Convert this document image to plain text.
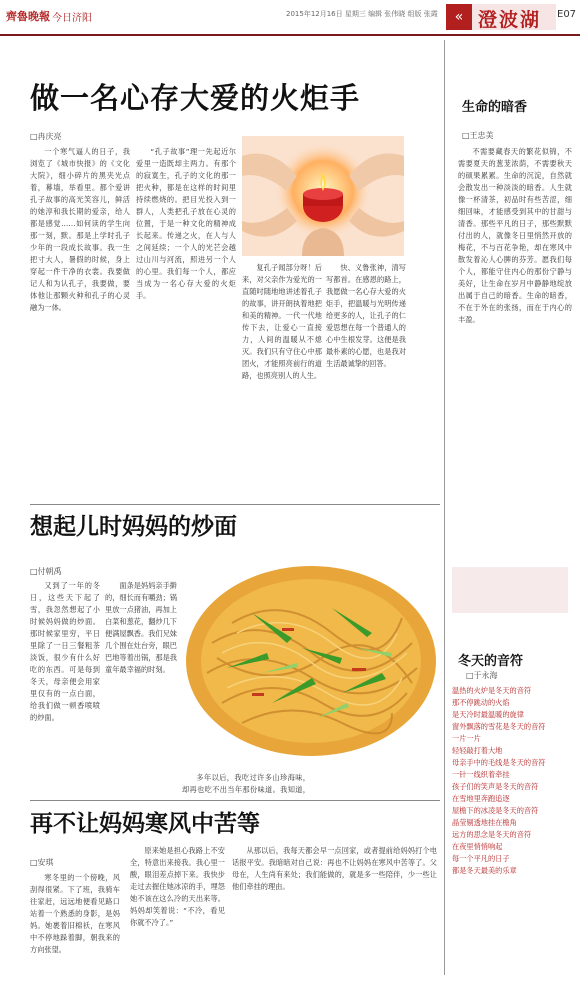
齊魯晚報 今日济阳	2015年12月16日 星期三 编辑 张伟晓 组版 张霞	« 澄波湖 E07
做一名心存大爱的火炬手
□冉庆亮

一个寒气逼人的日子，我浏览了《城市快报》的《文化大院》，细小碎片的黑夹光点着，幕墙，举看里。都个爱讲孔子故事的高光笑容儿，鲜活的她淳和我长期的爱亲，给人都是感觉……如何读的学生向那一刻，默。那是上学时孔子少年的一段成长故事。我一生把寸大人，暑假的时候，身上穿起一件干净的衣裳。我要做记人和为认孔子，我要做，要体他让那颗火种和孔子的心灵融为一体。

“孔子故事”理一先起近尔爱里一造既却主两力。有那个的寂寞生，孔子的文化的那一把火种，都是在这样的时间里持续燃烧的。把目光投入到一群人，人类把孔子放在心灵的位置，于是一种文化的精神成长起来。传递之火，在人与人之间延续；一个人的光芒会越过山川与河流，照进另一个人的心里。我们每一个人，都应当成为一名心存大爱的火炬手。

复孔子闻部分呀！后来，对父亲作为爱光的一直随吋随地地讲述着孔子的故事，讲开朗执着地把和美的精神。一代一代地传下去，让爱心一直接力，人间的温暖从不熄灭。我们只有守住心中那团火，才能照亮前行的道路，也照亮别人的人生。

快、义鲁张神，清写写都首。在感恩的路上，我愿做一名心存大爱的火炬手，把温暖与光明传递给更多的人，让孔子的仁爱思想在每一个普通人的心中生根发芽。这便是我最朴素的心愿，也是我对生活最诚挚的回答。

想起儿时妈妈的炒面
□付朝禹

又到了一年的冬日，这些天下起了雪，我忽然想起了小时候妈妈做的炒面。那时候家里穷，平日里除了一日三餐粗茶淡饭，很少有什么好吃的东西。可是每到冬天，母亲便会用家里仅有的一点白面，给我们做一顿香喷喷的炒面。

面条是妈妈亲手擀的，细长而有嚼劲；锅里放一点猪油，再加上白菜和葱花，翻炒几下便满屋飘香。我们兄妹几个围在灶台旁，眼巴巴地等着出锅，那是我童年最幸福的时刻。

多年以后，我吃过许多山珍海味，却再也吃不出当年那份味道。我知道，

再不让妈妈寒风中苦等
□安琪

寒冬里的一个傍晚，风刮得很紧。下了班，我骑车往家赶，远远地便看见路口站着一个熟悉的身影，是妈妈。她裹着旧棉袄，在寒风中不停地跺着脚，朝我来的方向张望。

原来她是担心我路上不安全，特意出来接我。我心里一酸，眼泪差点掉下来。我快步走过去握住她冰凉的手，埋怨她不该在这么冷的天出来等。妈妈却笑着说：“不冷，看见你就不冷了。”

从那以后，我每天都会早一点回家，或者提前给妈妈打个电话报平安。我暗暗对自己说：再也不让妈妈在寒风中苦等了。父母在，人生尚有来处；我们能做的，就是多一些陪伴，少一些让他们牵挂的理由。

生命的暗香
□王忠美

不需要藏春天的繁花似锦，不需要夏天的葱茏浓荫，不需要秋天的硕果累累。生命的沉淀，自然就会散发出一种淡淡的暗香。人生就像一杯清茶，初品时有些苦涩，细细回味，才能感受到其中的甘甜与清香。那些平凡的日子，那些默默付出的人，就像冬日里悄然开放的梅花，不与百花争艳，却在寒风中散发着沁人心脾的芬芳。愿我们每个人，都能守住内心的那份宁静与美好，让生命在岁月中静静地绽放出属于自己的暗香。生命的暗香，不在于外在的张扬，而在于内心的丰盈。

冬天的音符
□于永海
温热的火炉是冬天的音符
那不停跳动的火焰
是天冷时最温暖的旋律
窗外飘落的雪花是冬天的音符
一片一片
轻轻敲打着大地
母亲手中的毛线是冬天的音符
一针一线织着牵挂
孩子们的笑声是冬天的音符
在雪地里奔跑追逐
屋檐下的冰凌是冬天的音符
晶莹剔透地挂在檐角
远方的思念是冬天的音符
在夜里悄悄响起
每一个平凡的日子
都是冬天最美的乐章
